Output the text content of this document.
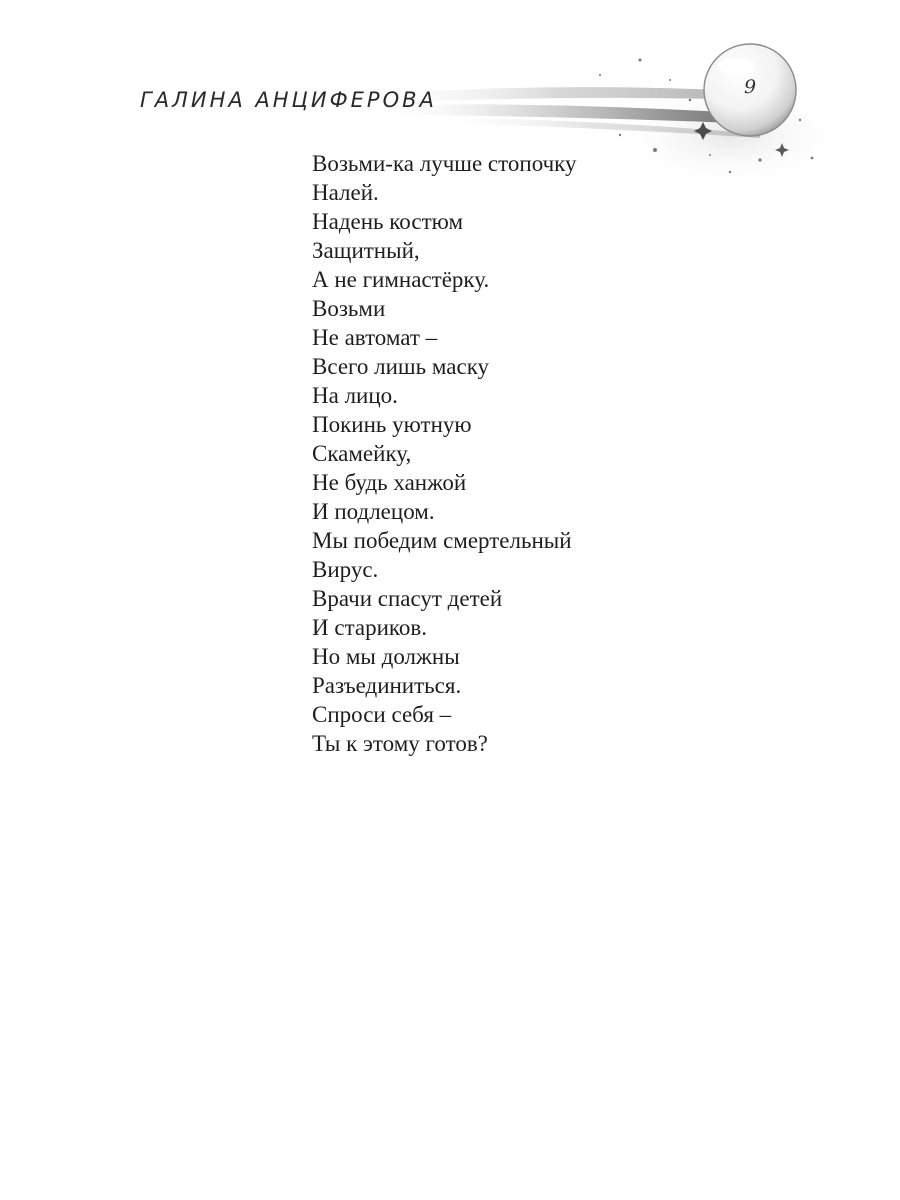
ГАЛИНА АНЦИФЕРОВА
9
Возьми-ка лучше стопочку
Налей.
Надень костюм
Защитный,
А не гимнастёрку.
Возьми
Не автомат –
Всего лишь маску
На лицо.
Покинь уютную
Скамейку,
Не будь ханжой
И подлецом.
Мы победим смертельный
Вирус.
Врачи спасут детей
И стариков.
Но мы должны
Разъединиться.
Спроси себя –
Ты к этому готов?
